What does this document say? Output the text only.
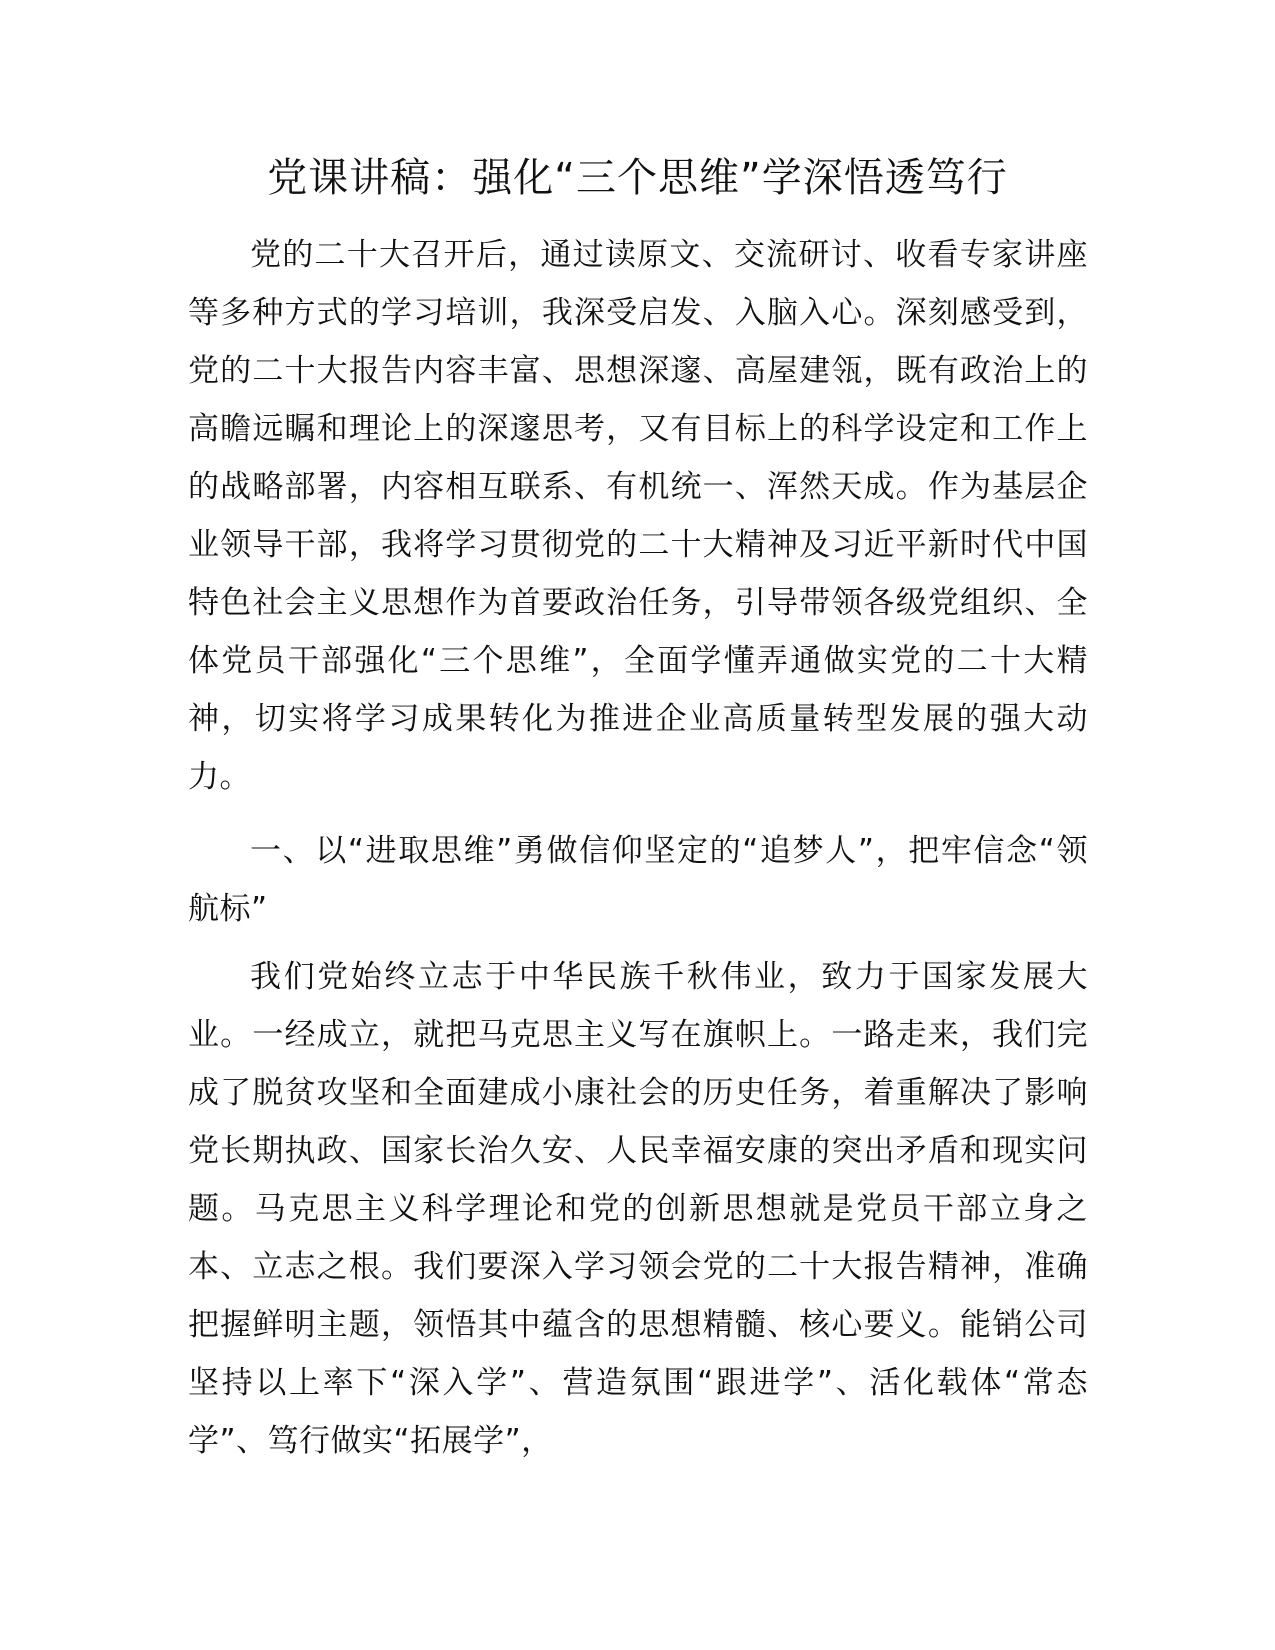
党课讲稿：强化“三个思维”学深悟透笃行

党的二十大召开后，通过读原文、交流研讨、收看专家讲座等多种方式的学习培训，我深受启发、入脑入心。深刻感受到，党的二十大报告内容丰富、思想深邃、高屋建瓴，既有政治上的高瞻远瞩和理论上的深邃思考，又有目标上的科学设定和工作上的战略部署，内容相互联系、有机统一、浑然天成。作为基层企业领导干部，我将学习贯彻党的二十大精神及习近平新时代中国特色社会主义思想作为首要政治任务，引导带领各级党组织、全体党员干部强化“三个思维”，全面学懂弄通做实党的二十大精神，切实将学习成果转化为推进企业高质量转型发展的强大动力。

一、以“进取思维”勇做信仰坚定的“追梦人”，把牢信念“领航标”

我们党始终立志于中华民族千秋伟业，致力于国家发展大业。一经成立，就把马克思主义写在旗帜上。一路走来，我们完成了脱贫攻坚和全面建成小康社会的历史任务，着重解决了影响党长期执政、国家长治久安、人民幸福安康的突出矛盾和现实问题。马克思主义科学理论和党的创新思想就是党员干部立身之本、立志之根。我们要深入学习领会党的二十大报告精神，准确把握鲜明主题，领悟其中蕴含的思想精髓、核心要义。能销公司坚持以上率下“深入学”、营造氛围“跟进学”、活化载体“常态学”、笃行做实“拓展学”，
